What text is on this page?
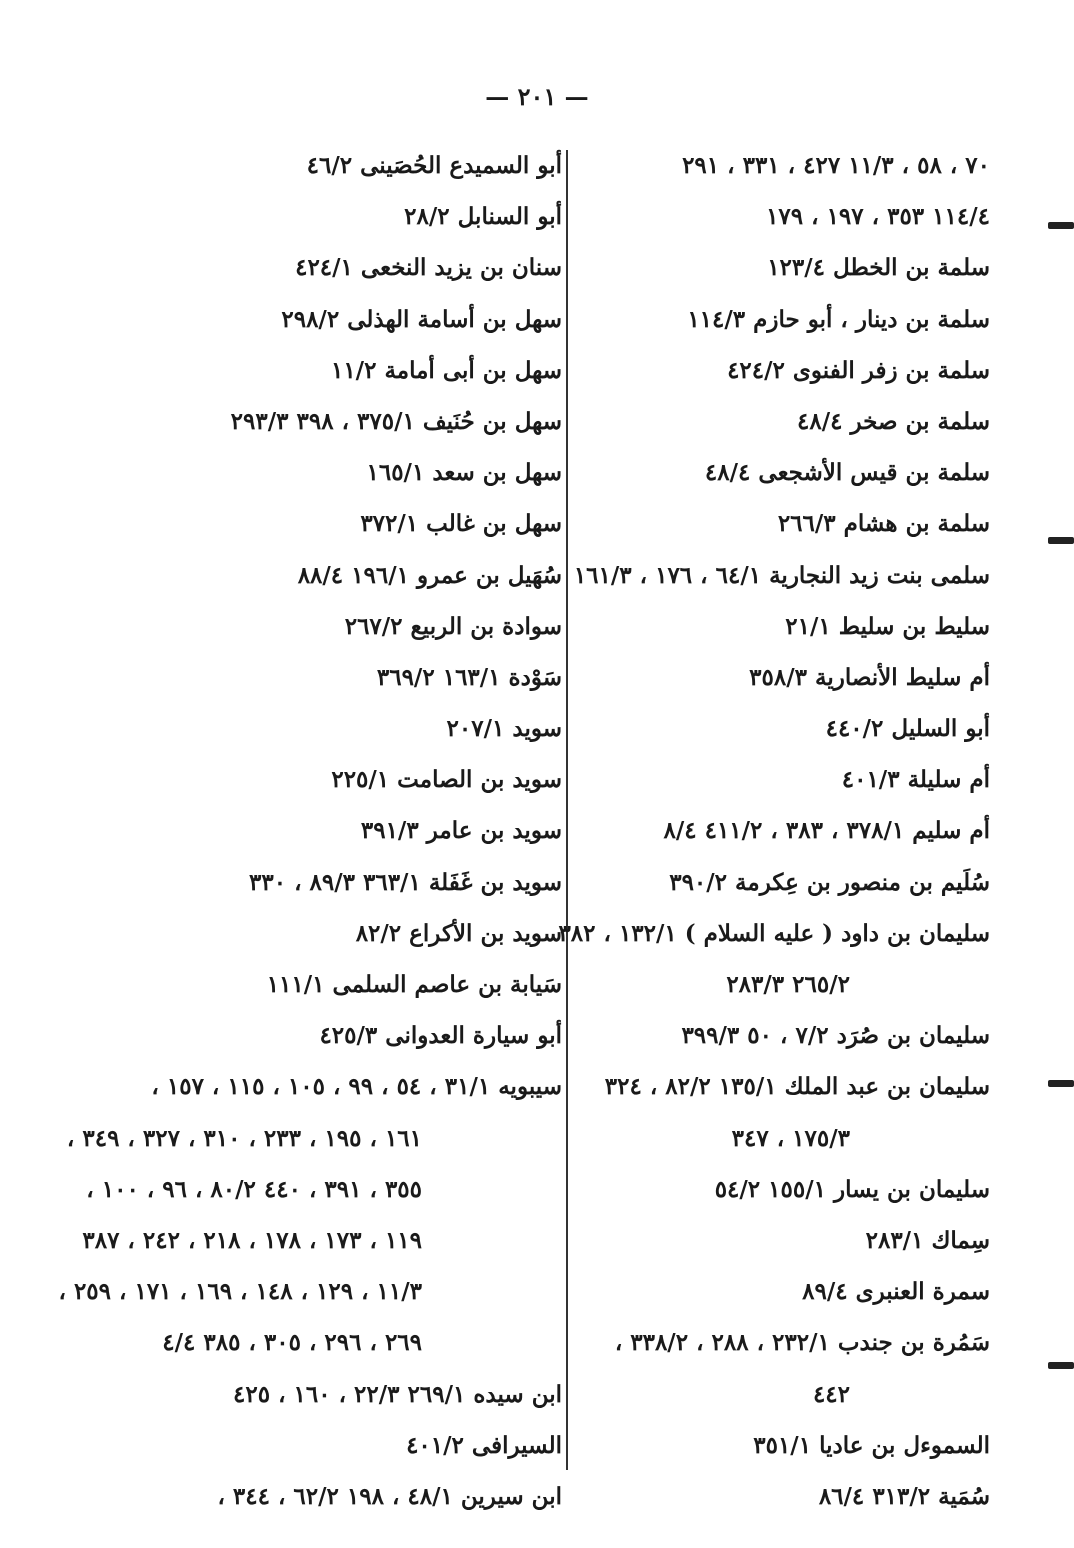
— ٢٠١ —
٧٠ ، ٥٨ ، ١١/٣ ٤٢٧ ، ٣٣١ ، ٢٩١
١١٤/٤ ٣٥٣ ، ١٩٧ ، ١٧٩
سلمة بن الخطل ١٢٣/٤
سلمة بن دينار ، أبو حازم ١١٤/٣
سلمة بن زفر الفنوى ٤٢٤/٢
سلمة بن صخر ٤٨/٤
سلمة بن قيس الأشجعى ٤٨/٤
سلمة بن هشام ٢٦٦/٣
سلمى بنت زيد النجارية ٦٤/١ ، ١٧٦ ، ١٦١/٣
سليط بن سليط ٢١/١
أم سليط الأنصارية ٣٥٨/٣
أبو السليل ٤٤٠/٢
أم سليلة ٤٠١/٣
أم سليم ٣٧٨/١ ، ٣٨٣ ، ٤١١/٢ ٨/٤
سُلَيم بن منصور بن عِكرمة ٣٩٠/٢
سليمان بن داود ( عليه السلام ) ١٣٢/١ ، ٣٨٢
٢٦٥/٢ ٢٨٣/٣
سليمان بن صُرَد ٧/٢ ، ٥٠ ٣٩٩/٣
سليمان بن عبد الملك ١٣٥/١ ٨٢/٢ ، ٣٢٤
١٧٥/٣ ، ٣٤٧
سليمان بن يسار ١٥٥/١ ٥٤/٢
سِماك ٢٨٣/١
سمرة العنبرى ٨٩/٤
سَمُرة بن جندب ٢٣٢/١ ، ٢٨٨ ، ٣٣٨/٢ ،
٤٤٢
السموءل بن عاديا ٣٥١/١
سُمَية ٣١٣/٢ ٨٦/٤
أبو السميدع الحُصَينى ٤٦/٢
أبو السنابل ٢٨/٢
سنان بن يزيد النخعى ٤٢٤/١
سهل بن أسامة الهذلى ٢٩٨/٢
سهل بن أبى أمامة ١١/٢
سهل بن حُنَيف ٣٧٥/١ ، ٣٩٨ ٢٩٣/٣
سهل بن سعد ١٦٥/١
سهل بن غالب ٣٧٢/١
سُهَيل بن عمرو ١٩٦/١ ٨٨/٤
سوادة بن الربيع ٢٦٧/٢
سَوْدة ١٦٣/١ ٣٦٩/٢
سويد ٢٠٧/١
سويد بن الصامت ٢٢٥/١
سويد بن عامر ٣٩١/٣
سويد بن غَفَلة ٣٦٣/١ ٨٩/٣ ، ٣٣٠
سويد بن الأكراع ٨٢/٢
سَيابة بن عاصم السلمى ١١١/١
أبو سيارة العدوانى ٤٢٥/٣
سيبويه ٣١/١ ، ٥٤ ، ٩٩ ، ١٠٥ ، ١١٥ ، ١٥٧ ،
١٦١ ، ١٩٥ ، ٢٣٣ ، ٣١٠ ، ٣٢٧ ، ٣٤٩ ،
٣٥٥ ، ٣٩١ ، ٤٤٠ ٨٠/٢ ، ٩٦ ، ١٠٠ ،
١١٩ ، ١٧٣ ، ١٧٨ ، ٢١٨ ، ٢٤٢ ، ٣٨٧
١١/٣ ، ١٢٩ ، ١٤٨ ، ١٦٩ ، ١٧١ ، ٢٥٩ ،
٢٦٩ ، ٢٩٦ ، ٣٠٥ ، ٣٨٥ ٤/٤
ابن سيده ٢٦٩/١ ٢٢/٣ ، ١٦٠ ، ٤٢٥
السيرافى ٤٠١/٢
ابن سيرين ٤٨/١ ، ١٩٨ ٦٢/٢ ، ٣٤٤ ،
